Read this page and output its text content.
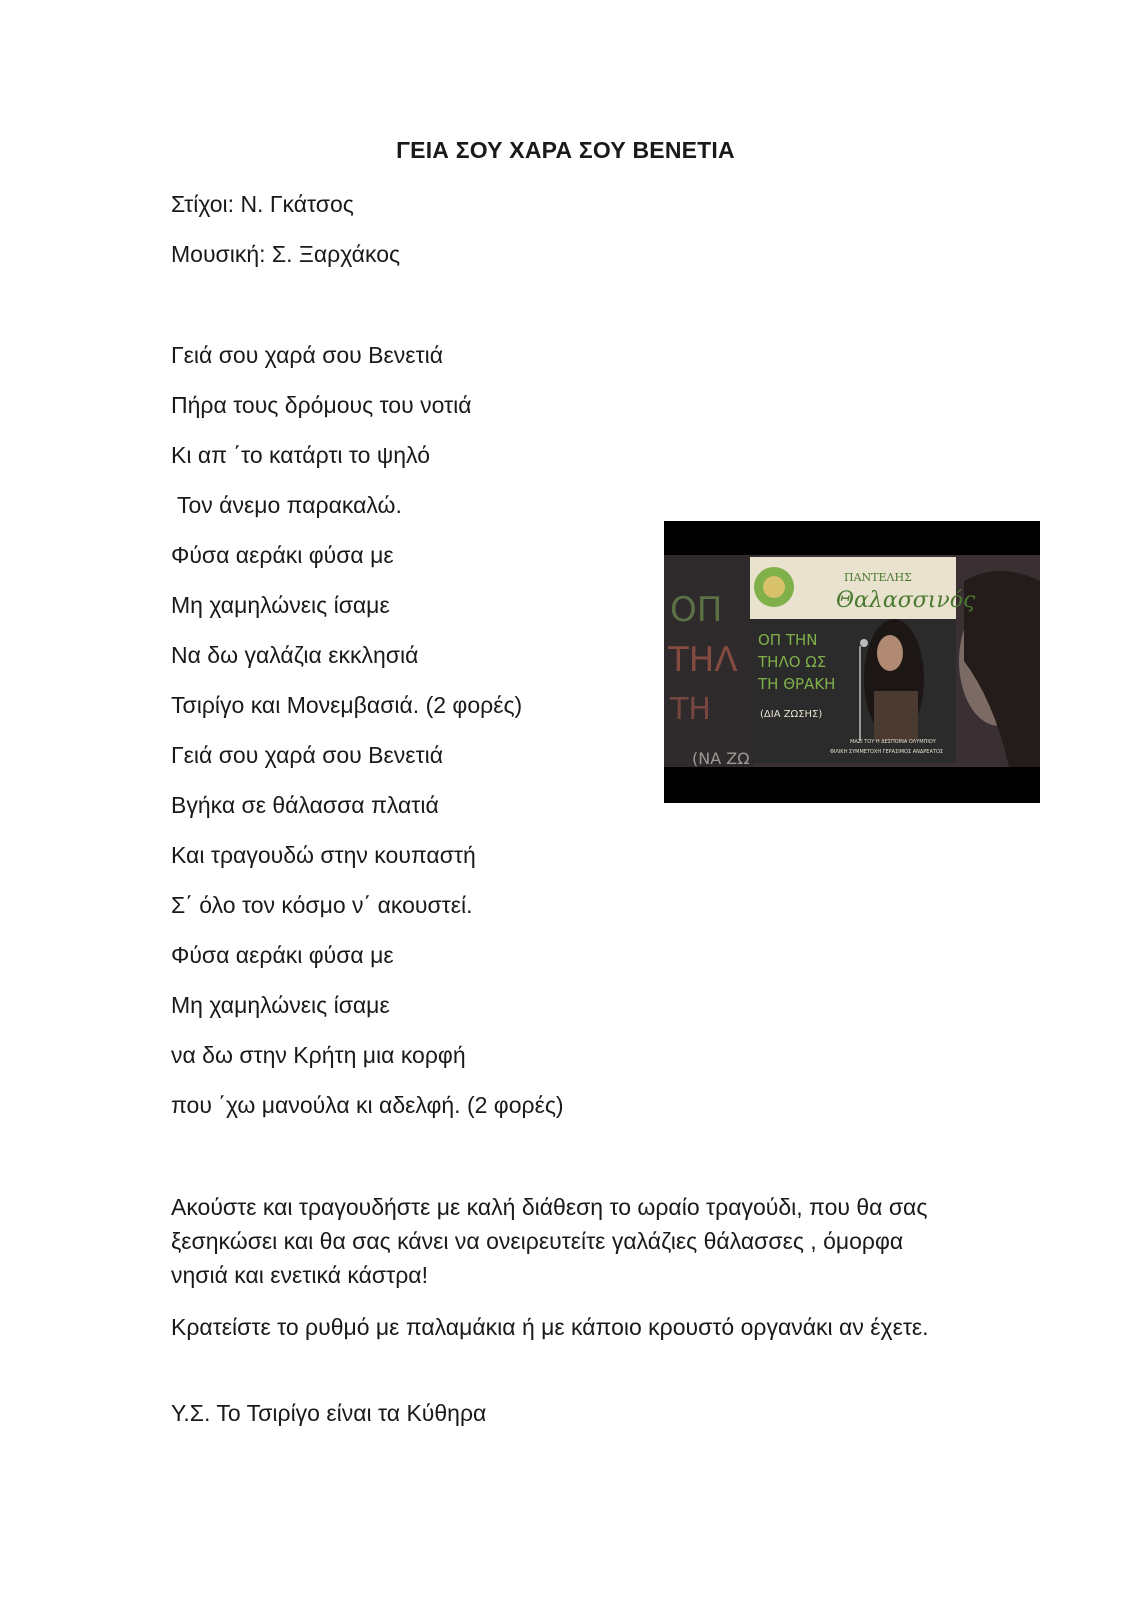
ΓΕΙΑ ΣΟΥ ΧΑΡΑ ΣΟΥ ΒΕΝΕΤΙΑ
Στίχοι: Ν. Γκάτσος
Μουσική: Σ. Ξαρχάκος
Γειά σου χαρά σου Βενετιά
Πήρα τους δρόμους του νοτιά
Κι απ ΄το κατάρτι το ψηλό
Τον άνεμο παρακαλώ.
Φύσα αεράκι φύσα με
Μη χαμηλώνεις ίσαμε
Να δω γαλάζια εκκλησιά
Τσιρίγο και Μονεμβασιά. (2 φορές)
Γειά σου χαρά σου Βενετιά
Βγήκα σε θάλασσα πλατιά
Και τραγουδώ στην κουπαστή
Σ΄ όλο τον κόσμο ν΄ ακουστεί.
Φύσα αεράκι φύσα με
Μη χαμηλώνεις ίσαμε
να δω στην Κρήτη μια κορφή
που ΄χω μανούλα κι αδελφή. (2 φορές)
Ακούστε και τραγουδήστε με καλή διάθεση το ωραίο τραγούδι, που θα σας ξεσηκώσει και θα σας κάνει να ονειρευτείτε γαλάζιες θάλασσες , όμορφα νησιά και ενετικά κάστρα!
Κρατείστε το ρυθμό με παλαμάκια ή με κάποιο κρουστό οργανάκι αν έχετε.
Υ.Σ. Το Τσιρίγο είναι τα Κύθηρα
ΟΠ
ΤΗΛ
ΤΗ
(ΝΑ ΖΩ
ΠΑΝΤΕΛΗΣ
Θαλασσινός
ΟΠ ΤΗΝ
ΤΗΛΟ ΩΣ
ΤΗ ΘΡΑΚΗ
(ΔΙΑ ΖΩΣΗΣ)
ΜΑΖΙ ΤΟΥ Η ΔΕΣΠΟΙΝΑ ΟΛΥΜΠΙΟΥ
ΦΙΛΙΚΗ ΣΥΜΜΕΤΟΧΗ ΓΕΡΑΣΙΜΟΣ ΑΝΔΡΕΑΤΟΣ
